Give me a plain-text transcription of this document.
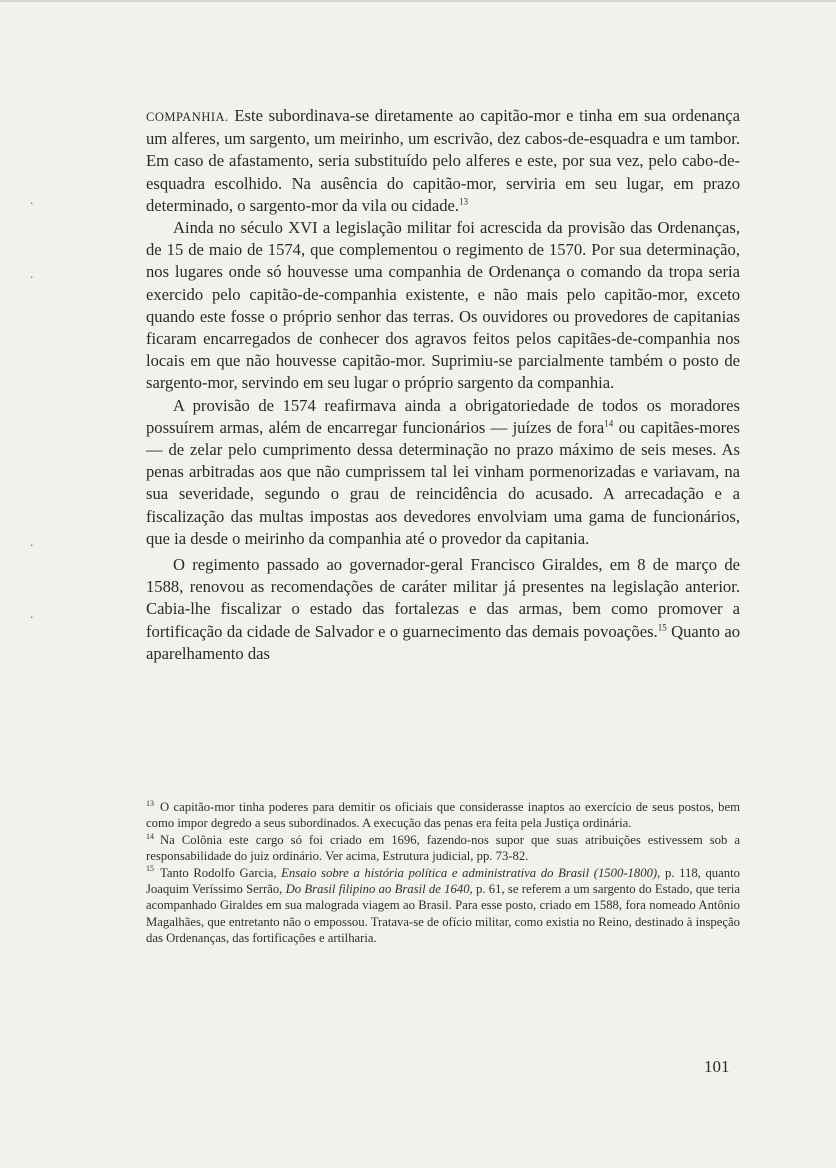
·
·
·
·

COMPANHIA. Este subordinava-se diretamente ao capitão-mor e tinha em sua ordenança um alferes, um sargento, um meirinho, um escrivão, dez cabos-de-esquadra e um tambor. Em caso de afastamento, seria substituído pelo alferes e este, por sua vez, pelo cabo-de-esquadra escolhido. Na ausência do capitão-mor, serviria em seu lugar, em prazo determinado, o sargento-mor da vila ou cidade.$^{13}$

Ainda no século XVI a legislação militar foi acrescida da provisão das Ordenanças, de 15 de maio de 1574, que complementou o regimento de 1570. Por sua determinação, nos lugares onde só houvesse uma companhia de Ordenança o comando da tropa seria exercido pelo capitão-de-companhia existente, e não mais pelo capitão-mor, exceto quando este fosse o próprio senhor das terras. Os ouvidores ou provedores de capitanias ficaram encarregados de conhecer dos agravos feitos pelos capitães-de-companhia nos locais em que não houvesse capitão-mor. Suprimiu-se parcialmente também o posto de sargento-mor, servindo em seu lugar o próprio sargento da companhia.

A provisão de 1574 reafirmava ainda a obrigatoriedade de todos os moradores possuírem armas, além de encarregar funcionários — juízes de fora$^{14}$ ou capitães-mores — de zelar pelo cumprimento dessa determinação no prazo máximo de seis meses. As penas arbitradas aos que não cumprissem tal lei vinham pormenorizadas e variavam, na sua severidade, segundo o grau de reincidência do acusado. A arrecadação e a fiscalização das multas impostas aos devedores envolviam uma gama de funcionários, que ia desde o meirinho da companhia até o provedor da capitania.

O regimento passado ao governador-geral Francisco Giraldes, em 8 de março de 1588, renovou as recomendações de caráter militar já presentes na legislação anterior. Cabia-lhe fiscalizar o estado das fortalezas e das armas, bem como promover a fortificação da cidade de Salvador e o guarnecimento das demais povoações.$^{15}$ Quanto ao aparelhamento das

$^{13}$ O capitão-mor tinha poderes para demitir os oficiais que considerasse inaptos ao exercício de seus postos, bem como impor degredo a seus subordinados. A execução das penas era feita pela Justiça ordinária.

$^{14}$ Na Colônia este cargo só foi criado em 1696, fazendo-nos supor que suas atribuições estivessem sob a responsabilidade do juiz ordinário. Ver acima, Estrutura judicial, pp. 73-82.

$^{15}$ Tanto Rodolfo Garcia, Ensaio sobre a história política e administrativa do Brasil (1500-1800), p. 118, quanto Joaquim Veríssimo Serrão, Do Brasil filipino ao Brasil de 1640, p. 61, se referem a um sargento do Estado, que teria acompanhado Giraldes em sua malograda viagem ao Brasil. Para esse posto, criado em 1588, fora nomeado Antônio Magalhães, que entretanto não o empossou. Tratava-se de ofício militar, como existia no Reino, destinado à inspeção das Ordenanças, das fortificações e artilharia.

101
